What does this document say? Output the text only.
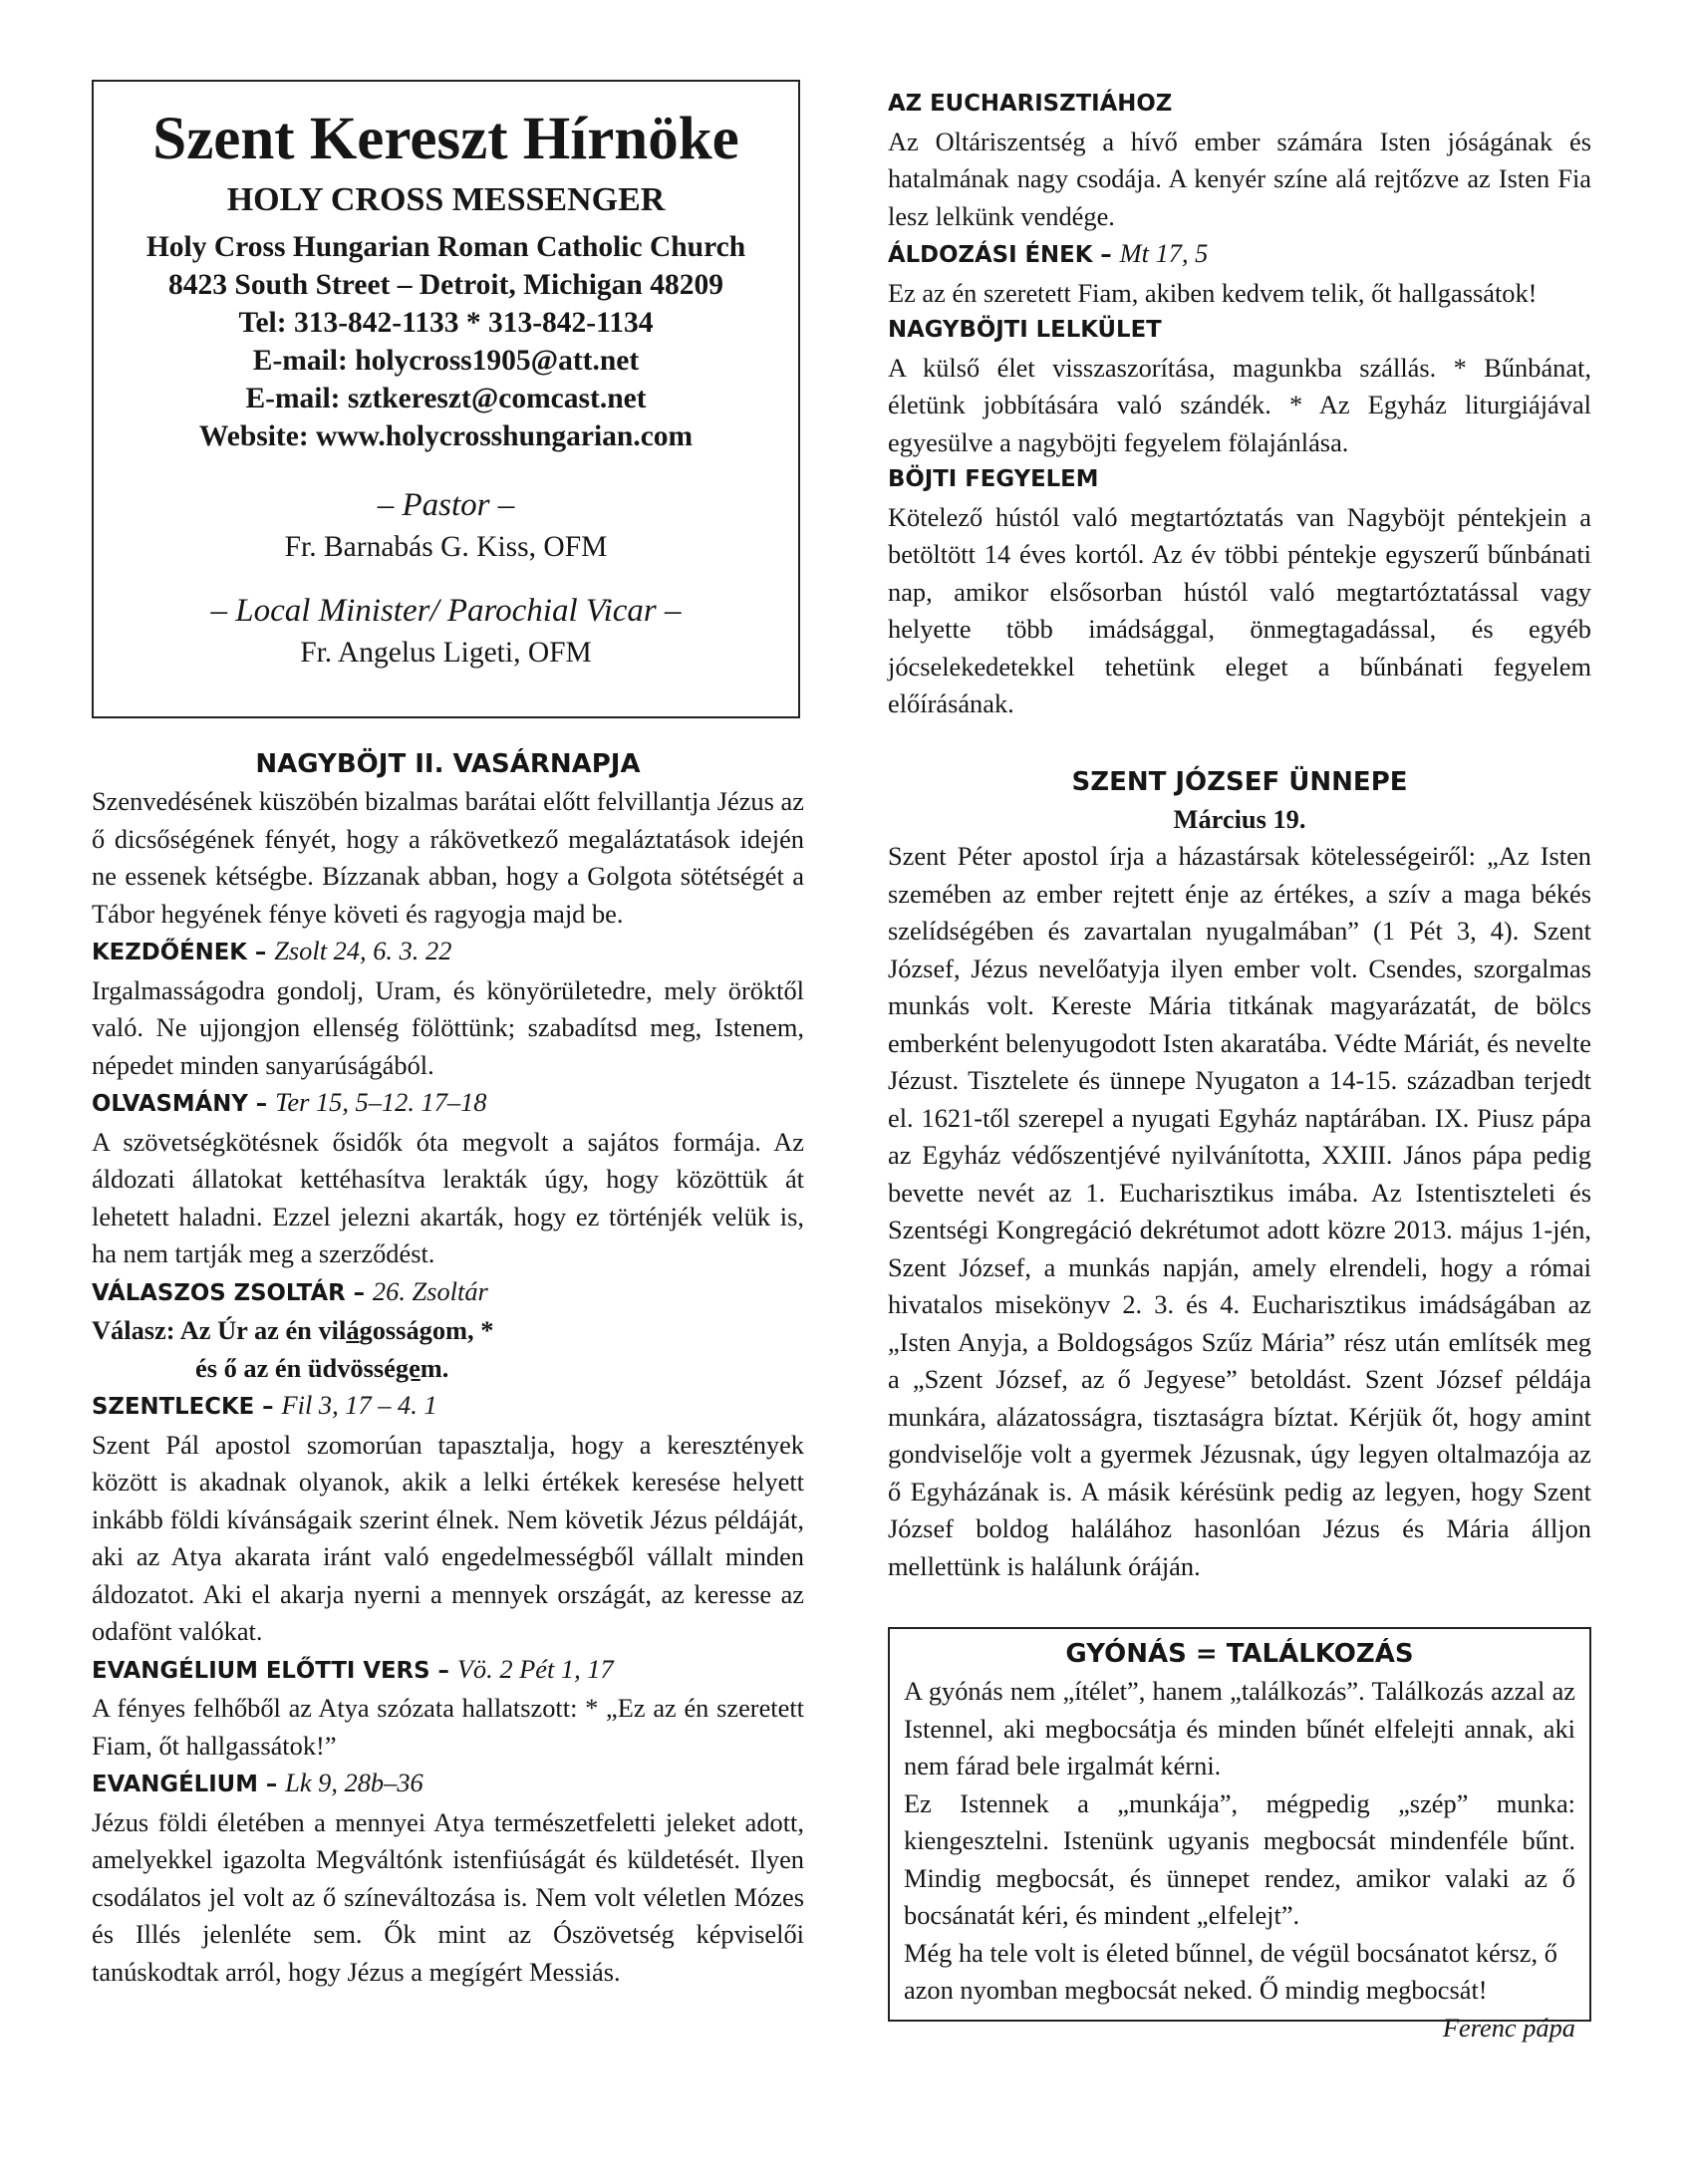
Szent Kereszt Hírnöke

HOLY CROSS MESSENGER

Holy Cross Hungarian Roman Catholic Church

8423 South Street – Detroit, Michigan 48209

Tel: 313-842-1133 * 313-842-1134

E-mail: holycross1905@att.net

E-mail: sztkereszt@comcast.net

Website: www.holycrosshungarian.com

– Pastor –

Fr. Barnabás G. Kiss, OFM

– Local Minister/ Parochial Vicar –

Fr. Angelus Ligeti, OFM

NAGYBÖJT II. VASÁRNAPJA

Szenvedésének küszöbén bizalmas barátai előtt felvillantja Jézus az ő dicsőségének fényét, hogy a rákövetkező megaláztatások idején ne essenek kétségbe. Bízzanak abban, hogy a Golgota sötétségét a Tábor hegyének fénye követi és ragyogja majd be.

KEZDŐÉNEK – Zsolt 24, 6. 3. 22

Irgalmasságodra gondolj, Uram, és könyörületedre, mely öröktől való. Ne ujjongjon ellenség fölöttünk; szabadítsd meg, Istenem, népedet minden sanyarúságából.

OLVASMÁNY – Ter 15, 5–12. 17–18

A szövetségkötésnek ősidők óta megvolt a sajátos formája. Az áldozati állatokat kettéhasítva lerakták úgy, hogy közöttük át lehetett haladni. Ezzel jelezni akarták, hogy ez történjék velük is, ha nem tartják meg a szerződést.

VÁLASZOS ZSOLTÁR – 26. Zsoltár

Válasz: Az Úr az én világosságom, *

és ő az én üdvösségem.

SZENTLECKE – Fil 3, 17 – 4. 1

Szent Pál apostol szomorúan tapasztalja, hogy a keresztények között is akadnak olyanok, akik a lelki értékek keresése helyett inkább földi kívánságaik szerint élnek. Nem követik Jézus példáját, aki az Atya akarata iránt való engedelmességből vállalt minden áldozatot. Aki el akarja nyerni a mennyek országát, az keresse az odafönt valókat.

EVANGÉLIUM ELŐTTI VERS – Vö. 2 Pét 1, 17

A fényes felhőből az Atya szózata hallatszott: * „Ez az én szeretett Fiam, őt hallgassátok!”

EVANGÉLIUM – Lk 9, 28b–36

Jézus földi életében a mennyei Atya természetfeletti jeleket adott, amelyekkel igazolta Megváltónk istenfiúságát és küldetését. Ilyen csodálatos jel volt az ő színeváltozása is. Nem volt véletlen Mózes és Illés jelenléte sem. Ők mint az Ószövetség képviselői tanúskodtak arról, hogy Jézus a megígért Messiás.

AZ EUCHARISZTIÁHOZ

Az Oltáriszentség a hívő ember számára Isten jóságának és hatalmának nagy csodája. A kenyér színe alá rejtőzve az Isten Fia lesz lelkünk vendége.

ÁLDOZÁSI ÉNEK – Mt 17, 5

Ez az én szeretett Fiam, akiben kedvem telik, őt hallgassátok!

NAGYBÖJTI LELKÜLET

A külső élet visszaszorítása, magunkba szállás. * Bűnbánat, életünk jobbítására való szándék. * Az Egyház liturgiájával egyesülve a nagyböjti fegyelem fölajánlása.

BÖJTI FEGYELEM

Kötelező hústól való megtartóztatás van Nagyböjt péntekjein a betöltött 14 éves kortól. Az év többi péntekje egyszerű bűnbánati nap, amikor elsősorban hústól való megtartóztatással vagy helyette több imádsággal, önmegtagadással, és egyéb jócselekedetekkel tehetünk eleget a bűnbánati fegyelem előírásának.

SZENT JÓZSEF ÜNNEPE

Március 19.

Szent Péter apostol írja a házastársak kötelességeiről: „Az Isten szemében az ember rejtett énje az értékes, a szív a maga békés szelídségében és zavartalan nyugalmában” (1 Pét 3, 4). Szent József, Jézus nevelőatyja ilyen ember volt. Csendes, szorgalmas munkás volt. Kereste Mária titkának magyarázatát, de bölcs emberként belenyugodott Isten akaratába. Védte Máriát, és nevelte Jézust. Tisztelete és ünnepe Nyugaton a 14-15. században terjedt el. 1621-től szerepel a nyugati Egyház naptárában. IX. Piusz pápa az Egyház védőszentjévé nyilvánította, XXIII. János pápa pedig bevette nevét az 1. Eucharisztikus imába. Az Istentiszteleti és Szentségi Kongregáció dekrétumot adott közre 2013. május 1-jén, Szent József, a munkás napján, amely elrendeli, hogy a római hivatalos misekönyv 2. 3. és 4. Eucharisztikus imádságában az „Isten Anyja, a Boldogságos Szűz Mária” rész után említsék meg a „Szent József, az ő Jegyese” betoldást. Szent József példája munkára, alázatosságra, tisztaságra bíztat. Kérjük őt, hogy amint gondviselője volt a gyermek Jézusnak, úgy legyen oltalmazója az ő Egyházának is. A másik kérésünk pedig az legyen, hogy Szent József boldog halálához hasonlóan Jézus és Mária álljon mellettünk is halálunk óráján.

GYÓNÁS = TALÁLKOZÁS

A gyónás nem „ítélet”, hanem „találkozás”. Találkozás azzal az Istennel, aki megbocsátja és minden bűnét elfelejti annak, aki nem fárad bele irgalmát kérni.

Ez Istennek a „munkája”, mégpedig „szép” munka: kiengesztelni. Istenünk ugyanis megbocsát mindenféle bűnt. Mindig megbocsát, és ünnepet rendez, amikor valaki az ő bocsánatát kéri, és mindent „elfelejt”.

Még ha tele volt is életed bűnnel, de végül bocsánatot kérsz, ő azon nyomban megbocsát neked. Ő mindig megbocsát!
Ferenc pápa
